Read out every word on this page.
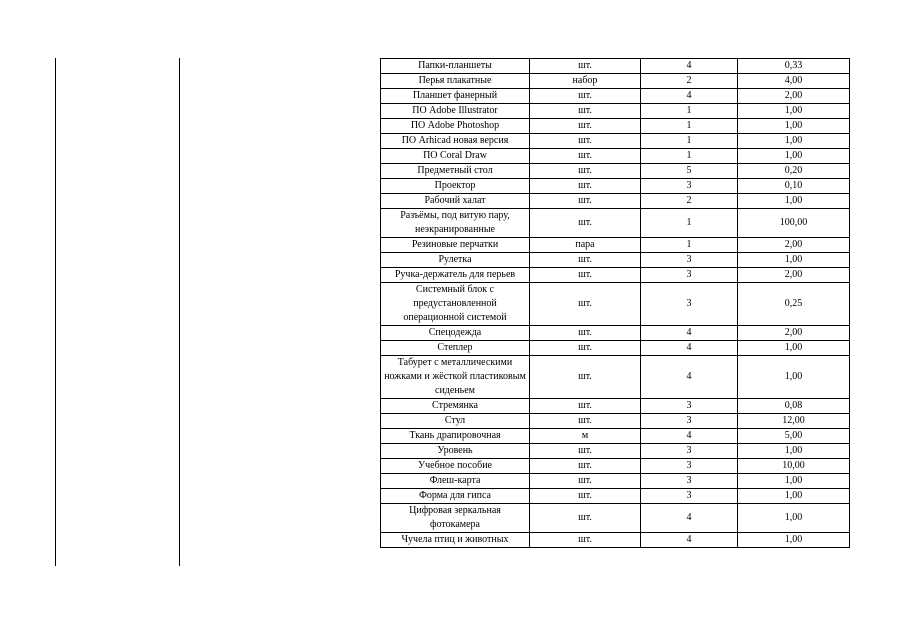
Папки-планшеты	шт.	4	0,33
Перья плакатные	набор	2	4,00
Планшет фанерный	шт.	4	2,00
ПО Adobe Illustrator	шт.	1	1,00
ПО Adobe Photoshop	шт.	1	1,00
ПО Arhicad новая версия	шт.	1	1,00
ПО Coral Draw	шт.	1	1,00
Предметный стол	шт.	5	0,20
Проектор	шт.	3	0,10
Рабочий халат	шт.	2	1,00
Разъёмы, под витую пару, неэкранированные	шт.	1	100,00
Резиновые перчатки	пара	1	2,00
Рулетка	шт.	3	1,00
Ручка-держатель для перьев	шт.	3	2,00
Системный блок с предустановленной операционной системой	шт.	3	0,25
Спецодежда	шт.	4	2,00
Степлер	шт.	4	1,00
Табурет с металлическими ножками и жёсткой пластиковым сиденьем	шт.	4	1,00
Стремянка	шт.	3	0,08
Стул	шт.	3	12,00
Ткань драпировочная	м	4	5,00
Уровень	шт.	3	1,00
Учебное пособие	шт.	3	10,00
Флеш-карта	шт.	3	1,00
Форма для гипса	шт.	3	1,00
Цифровая зеркальная фотокамера	шт.	4	1,00
Чучела птиц и животных	шт.	4	1,00
